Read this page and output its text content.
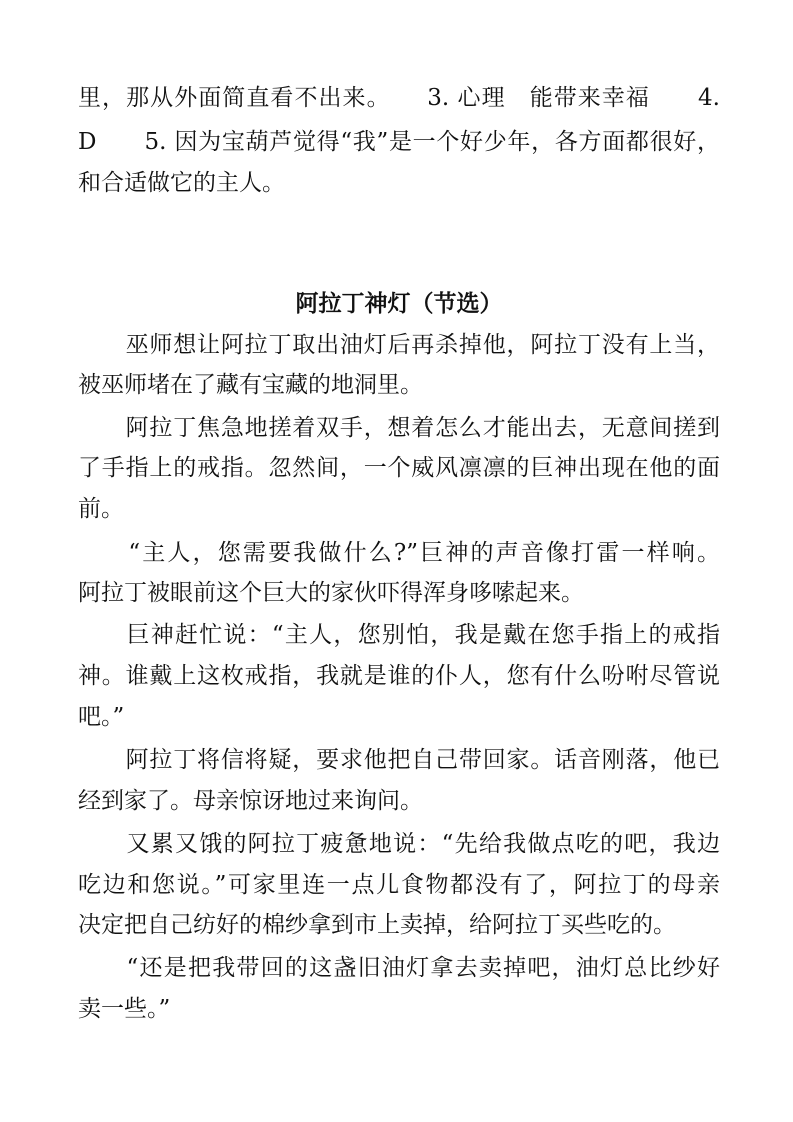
里，那从外面简直看不出来。　　3. 心理　能带来幸福　　4.
D　　5. 因为宝葫芦觉得“我”是一个好少年，各方面都很好，
和合适做它的主人。
阿拉丁神灯（节选）
　　巫师想让阿拉丁取出油灯后再杀掉他，阿拉丁没有上当，
被巫师堵在了藏有宝藏的地洞里。
　　阿拉丁焦急地搓着双手，想着怎么才能出去，无意间搓到
了手指上的戒指。忽然间，一个威风凛凛的巨神出现在他的面
前。
　　“主人，您需要我做什么?”巨神的声音像打雷一样响。
阿拉丁被眼前这个巨大的家伙吓得浑身哆嗦起来。
　　巨神赶忙说：“主人，您别怕，我是戴在您手指上的戒指
神。谁戴上这枚戒指，我就是谁的仆人，您有什么吩咐尽管说
吧。”
　　阿拉丁将信将疑，要求他把自己带回家。话音刚落，他已
经到家了。母亲惊讶地过来询问。
　　又累又饿的阿拉丁疲惫地说：“先给我做点吃的吧，我边
吃边和您说。”可家里连一点儿食物都没有了，阿拉丁的母亲
决定把自己纺好的棉纱拿到市上卖掉，给阿拉丁买些吃的。
　　“还是把我带回的这盏旧油灯拿去卖掉吧，油灯总比纱好
卖一些。”
